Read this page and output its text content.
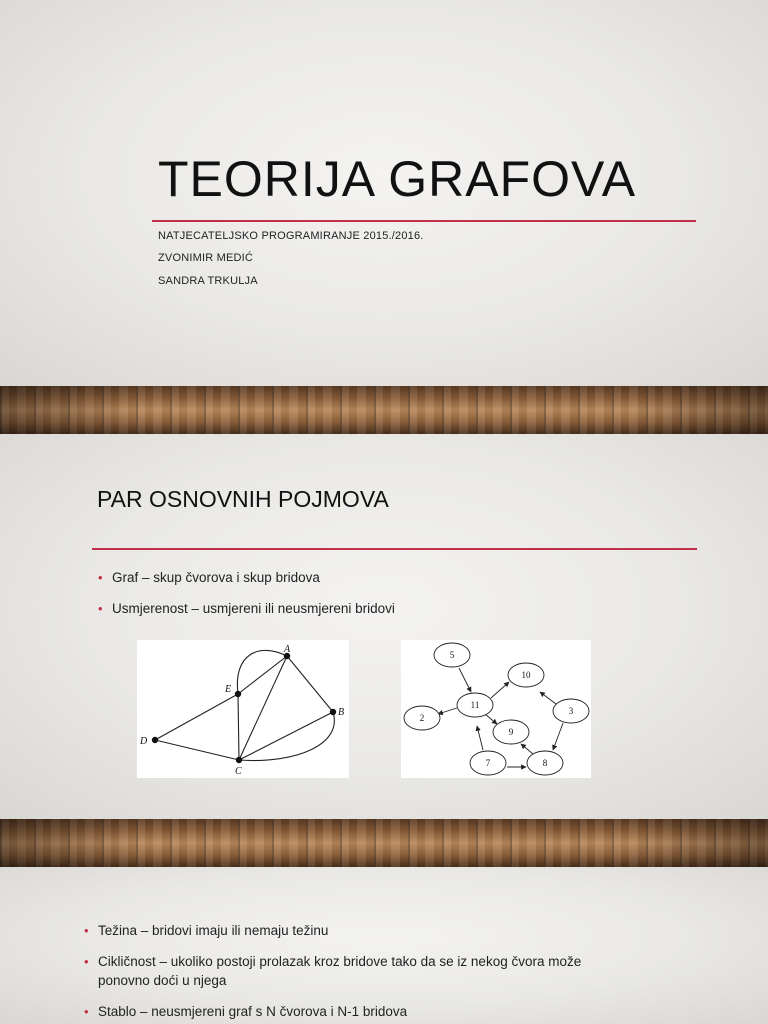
TEORIJA GRAFOVA
NATJECATELJSKO PROGRAMIRANJE 2015./2016.
ZVONIMIR MEDIĆ
SANDRA TRKULJA
PAR OSNOVNIH POJMOVA
• Graf – skup čvorova i skup bridova
• Usmjerenost – usmjereni ili neusmjereni bridovi
A
B
C
D
E
5
10
11
3
2
9
7	8
• Težina – bridovi imaju ili nemaju težinu
• Cikličnost – ukoliko postoji prolazak kroz bridove tako da se iz nekog čvora može
ponovno doći u njega
• Stablo – neusmjereni graf s N čvorova i N-1 bridova
